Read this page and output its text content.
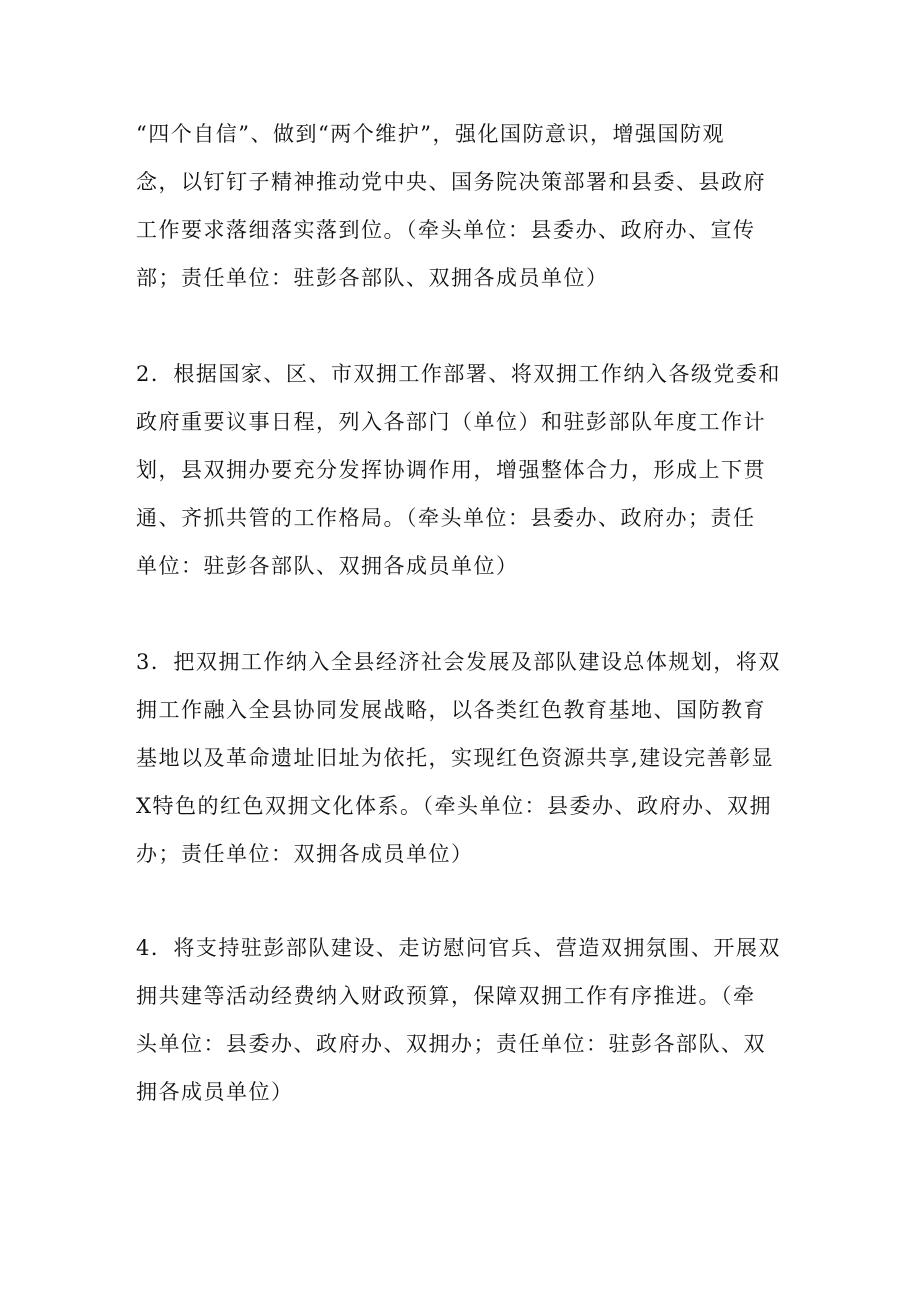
“四个自信”、做到“两个维护”，强化国防意识，增强国防观
念，以钉钉子精神推动党中央、国务院决策部署和县委、县政府
工作要求落细落实落到位。（牵头单位：县委办、政府办、宣传
部；责任单位：驻彭各部队、双拥各成员单位）
2．根据国家、区、市双拥工作部署、将双拥工作纳入各级党委和
政府重要议事日程，列入各部门（单位）和驻彭部队年度工作计
划，县双拥办要充分发挥协调作用，增强整体合力，形成上下贯
通、齐抓共管的工作格局。（牵头单位：县委办、政府办；责任
单位：驻彭各部队、双拥各成员单位）
3．把双拥工作纳入全县经济社会发展及部队建设总体规划，将双
拥工作融入全县协同发展战略，以各类红色教育基地、国防教育
基地以及革命遗址旧址为依托，实现红色资源共享,建设完善彰显
X特色的红色双拥文化体系。（牵头单位：县委办、政府办、双拥
办；责任单位：双拥各成员单位）
4．将支持驻彭部队建设、走访慰问官兵、营造双拥氛围、开展双
拥共建等活动经费纳入财政预算，保障双拥工作有序推进。（牵
头单位：县委办、政府办、双拥办；责任单位：驻彭各部队、双
拥各成员单位）
